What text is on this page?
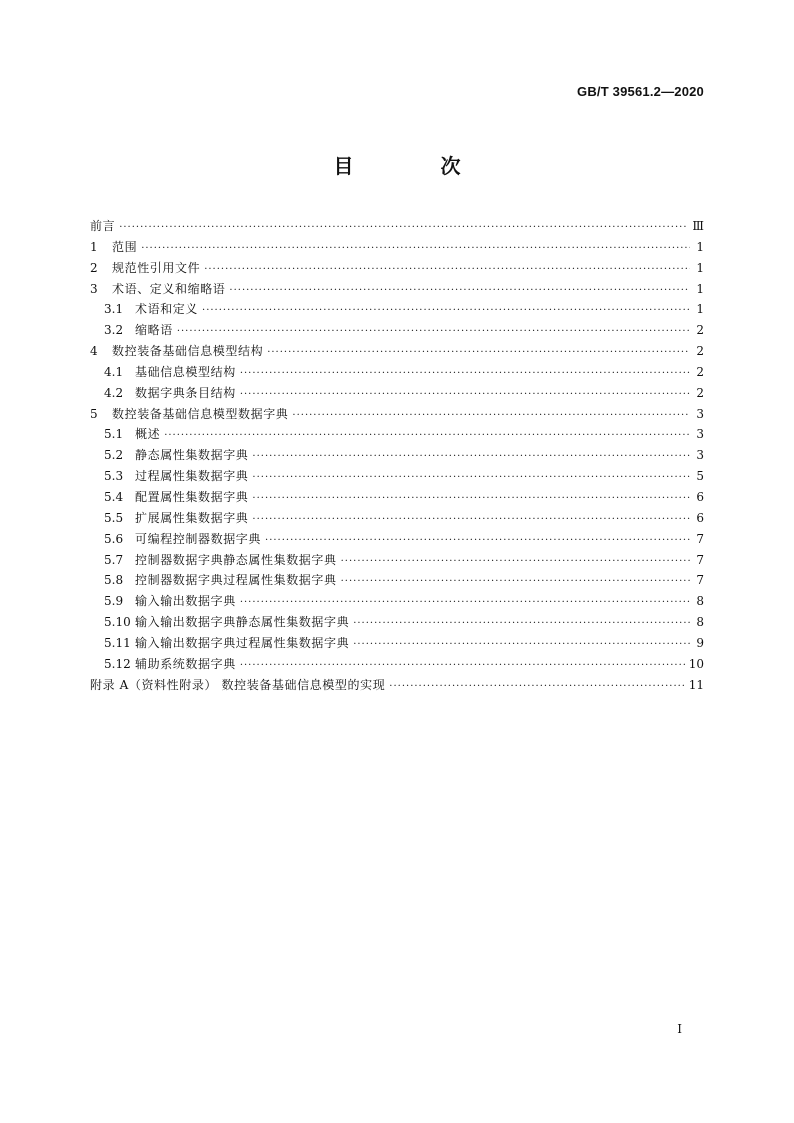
GB/T 39561.2—2020
目 次
前言 ·····	Ⅲ
1	范围 ·····	1
2	规范性引用文件 ·····	1
3	术语、定义和缩略语 ·····	1
3.1 术语和定义 ·····	1
3.2 缩略语 ·····	2
4	数控装备基础信息模型结构 ·····	2
4.1 基础信息模型结构 ·····	2
4.2 数据字典条目结构 ·····	2
5	数控装备基础信息模型数据字典 ·····	3
5.1 概述 ·····	3
5.2 静态属性集数据字典 ·····	3
5.3 过程属性集数据字典 ·····	5
5.4 配置属性集数据字典 ·····	6
5.5 扩展属性集数据字典 ·····	6
5.6 可编程控制器数据字典 ·····	7
5.7 控制器数据字典静态属性集数据字典 ·····	7
5.8 控制器数据字典过程属性集数据字典 ·····	7
5.9 输入输出数据字典 ·····	8
5.10 输入输出数据字典静态属性集数据字典 ·····	8
5.11 输入输出数据字典过程属性集数据字典 ·····	9
5.12 辅助系统数据字典 ·····	10
附录 A（资料性附录） 数控装备基础信息模型的实现 ·····	11
I
